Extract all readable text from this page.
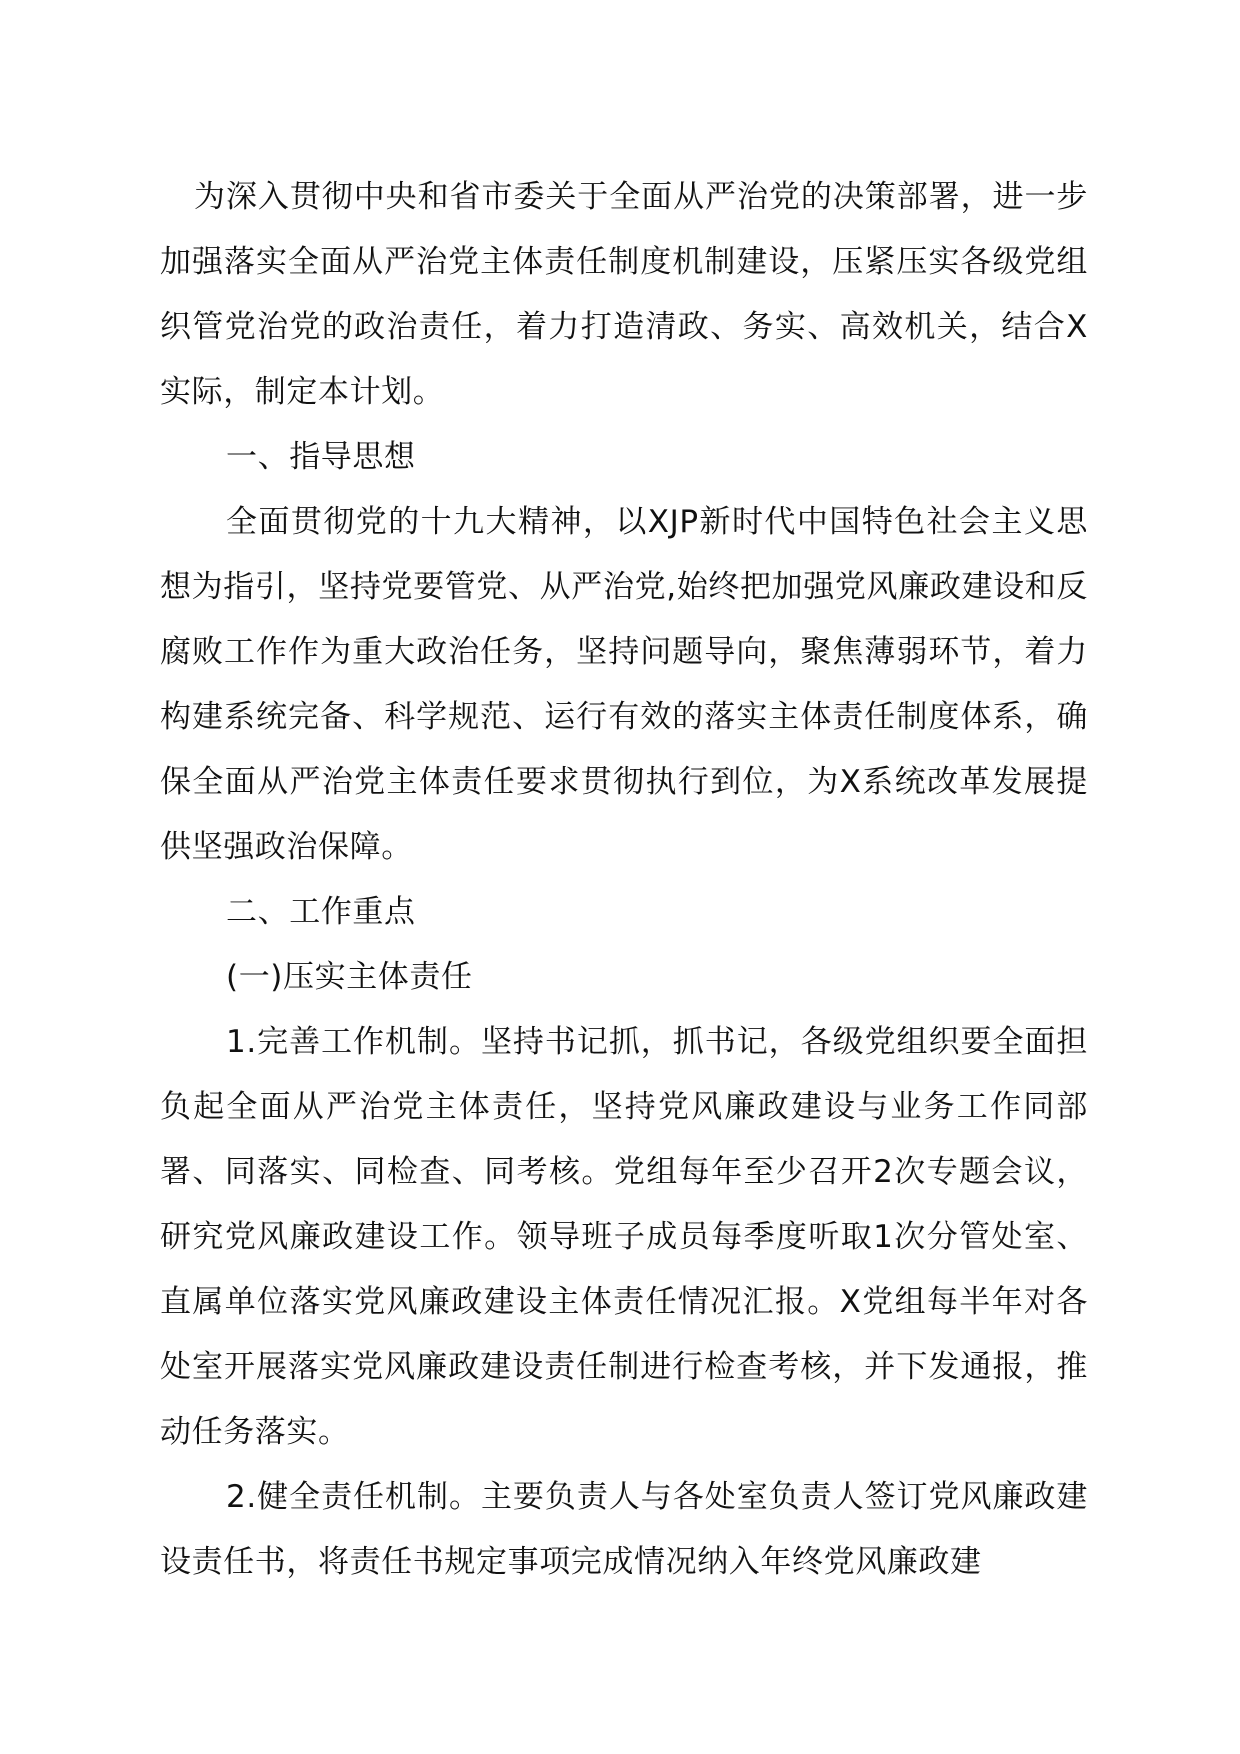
为深入贯彻中央和省市委关于全面从严治党的决策部署，进一步加强落实全面从严治党主体责任制度机制建设，压紧压实各级党组织管党治党的政治责任，着力打造清政、务实、高效机关，结合X实际，制定本计划。

一、指导思想

全面贯彻党的十九大精神，以XJP新时代中国特色社会主义思想为指引，坚持党要管党、从严治党,始终把加强党风廉政建设和反腐败工作作为重大政治任务，坚持问题导向，聚焦薄弱环节，着力构建系统完备、科学规范、运行有效的落实主体责任制度体系，确保全面从严治党主体责任要求贯彻执行到位，为X系统改革发展提供坚强政治保障。

二、工作重点

(一)压实主体责任

1.完善工作机制。坚持书记抓，抓书记，各级党组织要全面担负起全面从严治党主体责任，坚持党风廉政建设与业务工作同部署、同落实、同检查、同考核。党组每年至少召开2次专题会议，研究党风廉政建设工作。领导班子成员每季度听取1次分管处室、直属单位落实党风廉政建设主体责任情况汇报。X党组每半年对各处室开展落实党风廉政建设责任制进行检查考核，并下发通报，推动任务落实。

2.健全责任机制。主要负责人与各处室负责人签订党风廉政建设责任书，将责任书规定事项完成情况纳入年终党风廉政建
